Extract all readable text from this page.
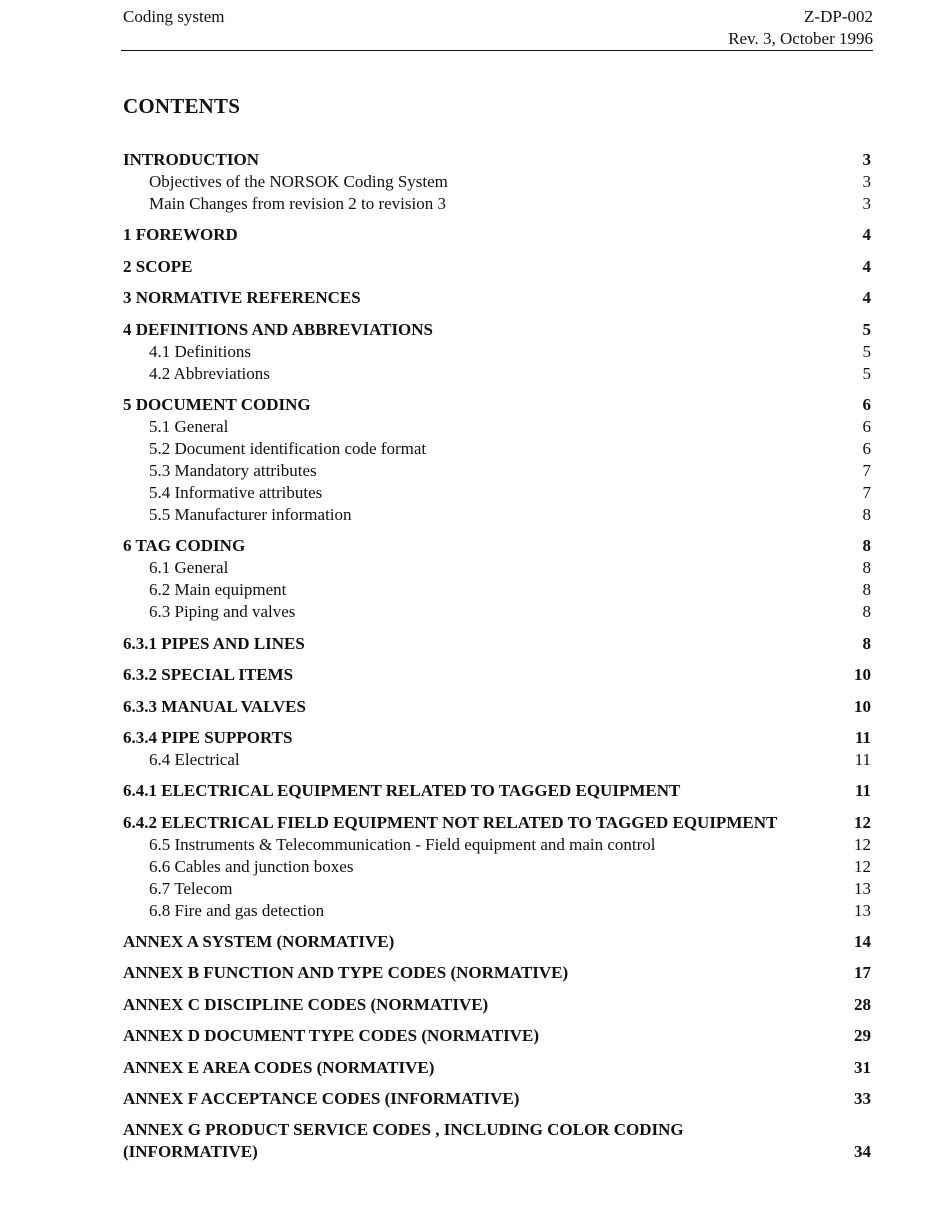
Coding system	Z-DP-002
Rev. 3, October 1996
CONTENTS
INTRODUCTION	3
Objectives of the NORSOK Coding System	3
Main Changes from revision 2 to revision 3	3
1 FOREWORD	4
2 SCOPE	4
3 NORMATIVE REFERENCES	4
4 DEFINITIONS AND ABBREVIATIONS	5
4.1 Definitions	5
4.2 Abbreviations	5
5 DOCUMENT CODING	6
5.1 General	6
5.2 Document identification code format	6
5.3 Mandatory attributes	7
5.4 Informative attributes	7
5.5 Manufacturer information	8
6 TAG CODING	8
6.1 General	8
6.2 Main equipment	8
6.3 Piping and valves	8
6.3.1 PIPES AND LINES	8
6.3.2 SPECIAL ITEMS	10
6.3.3 MANUAL VALVES	10
6.3.4 PIPE SUPPORTS	11
6.4 Electrical	11
6.4.1 ELECTRICAL EQUIPMENT RELATED TO TAGGED EQUIPMENT	11
6.4.2 ELECTRICAL FIELD EQUIPMENT NOT RELATED TO TAGGED EQUIPMENT	12
6.5 Instruments & Telecommunication - Field equipment and main control	12
6.6 Cables and junction boxes	12
6.7 Telecom	13
6.8 Fire and gas detection	13
ANNEX A SYSTEM (NORMATIVE)	14
ANNEX B FUNCTION AND TYPE CODES (NORMATIVE)	17
ANNEX C DISCIPLINE CODES (NORMATIVE)	28
ANNEX D DOCUMENT TYPE CODES (NORMATIVE)	29
ANNEX E AREA CODES (NORMATIVE)	31
ANNEX F ACCEPTANCE CODES (INFORMATIVE)	33
ANNEX G PRODUCT SERVICE CODES , INCLUDING COLOR CODING (INFORMATIVE)	34
